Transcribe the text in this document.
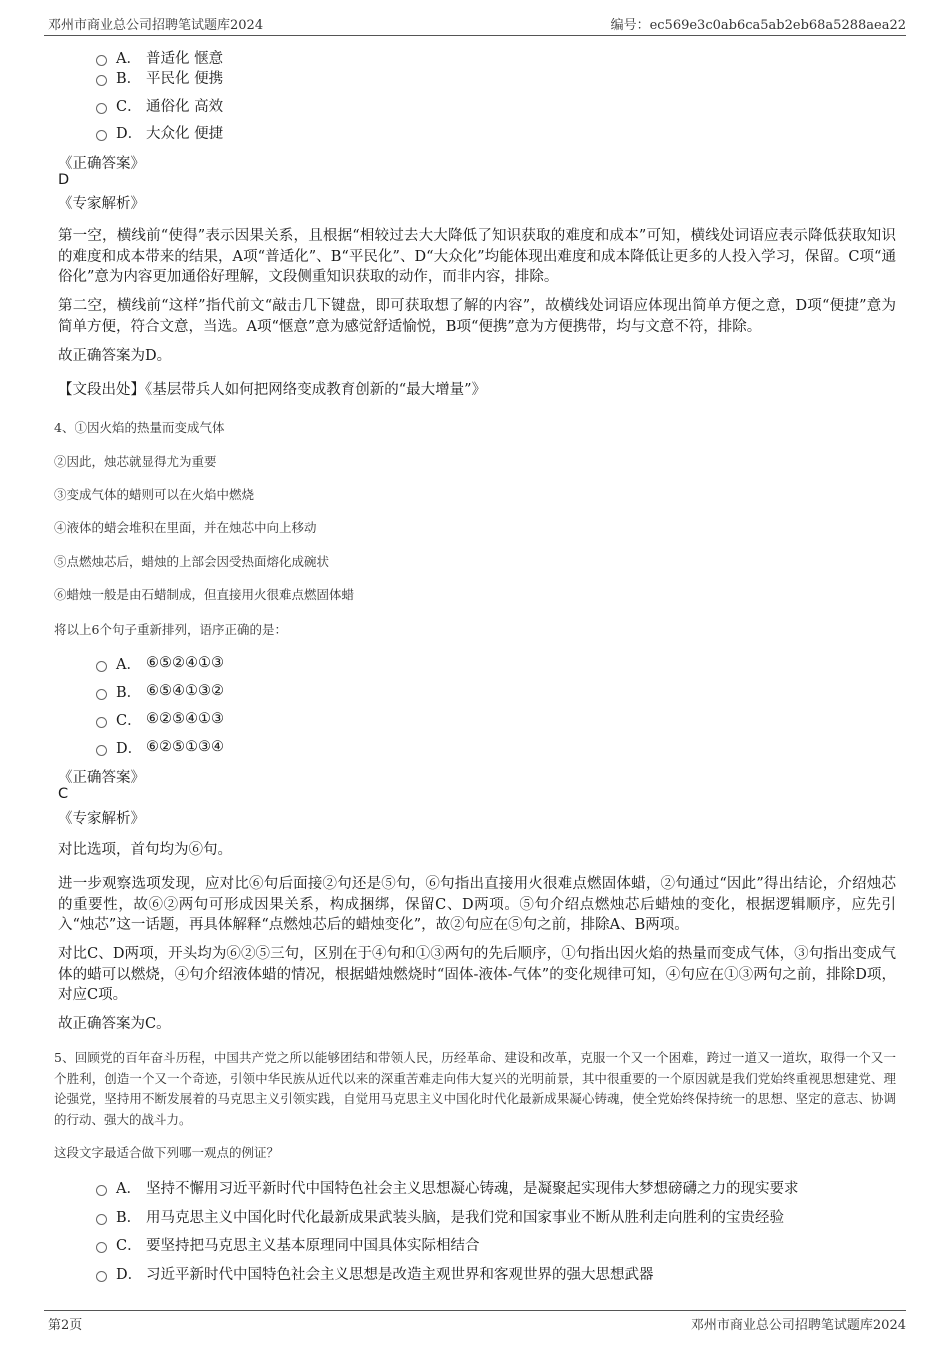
邓州市商业总公司招聘笔试题库2024	编号：ec569e3c0ab6ca5ab2eb68a5288aea22
A． 普适化 惬意
B． 平民化 便携
C． 通俗化 高效
D． 大众化 便捷
《正确答案》
D
《专家解析》
第一空，横线前“使得”表示因果关系，且根据“相较过去大大降低了知识获取的难度和成本”可知，横线处词语应表示降低获取知识的难度和成本带来的结果，A项“普适化”、B“平民化”、D“大众化”均能体现出难度和成本降低让更多的人投入学习，保留。C项“通俗化”意为内容更加通俗好理解，文段侧重知识获取的动作，而非内容，排除。
第二空，横线前“这样”指代前文“敲击几下键盘，即可获取想了解的内容”，故横线处词语应体现出简单方便之意，D项“便捷”意为简单方便，符合文意，当选。A项“惬意”意为感觉舒适愉悦，B项“便携”意为方便携带，均与文意不符，排除。
故正确答案为D。
【文段出处】《基层带兵人如何把网络变成教育创新的“最大增量”》
4、①因火焰的热量而变成气体
②因此，烛芯就显得尤为重要
③变成气体的蜡则可以在火焰中燃烧
④液体的蜡会堆积在里面，并在烛芯中向上移动
⑤点燃烛芯后，蜡烛的上部会因受热面熔化成碗状
⑥蜡烛一般是由石蜡制成，但直接用火很难点燃固体蜡
将以上6个句子重新排列，语序正确的是：
A． ⑥⑤②④①③
B． ⑥⑤④①③②
C． ⑥②⑤④①③
D． ⑥②⑤①③④
《正确答案》
C
《专家解析》
对比选项，首句均为⑥句。
进一步观察选项发现，应对比⑥句后面接②句还是⑤句，⑥句指出直接用火很难点燃固体蜡，②句通过“因此”得出结论，介绍烛芯的重要性，故⑥②两句可形成因果关系，构成捆绑，保留C、D两项。⑤句介绍点燃烛芯后蜡烛的变化，根据逻辑顺序，应先引入“烛芯”这一话题，再具体解释“点燃烛芯后的蜡烛变化”，故②句应在⑤句之前，排除A、B两项。
对比C、D两项，开头均为⑥②⑤三句，区别在于④句和①③两句的先后顺序，①句指出因火焰的热量而变成气体，③句指出变成气体的蜡可以燃烧，④句介绍液体蜡的情况，根据蜡烛燃烧时“固体-液体-气体”的变化规律可知，④句应在①③两句之前，排除D项，对应C项。
故正确答案为C。
5、回顾党的百年奋斗历程，中国共产党之所以能够团结和带领人民，历经革命、建设和改革，克服一个又一个困难，跨过一道又一道坎，取得一个又一个胜利，创造一个又一个奇迹，引领中华民族从近代以来的深重苦难走向伟大复兴的光明前景，其中很重要的一个原因就是我们党始终重视思想建党、理论强党，坚持用不断发展着的马克思主义引领实践，自觉用马克思主义中国化时代化最新成果凝心铸魂，使全党始终保持统一的思想、坚定的意志、协调的行动、强大的战斗力。
这段文字最适合做下列哪一观点的例证？
A． 坚持不懈用习近平新时代中国特色社会主义思想凝心铸魂，是凝聚起实现伟大梦想磅礴之力的现实要求
B． 用马克思主义中国化时代化最新成果武装头脑，是我们党和国家事业不断从胜利走向胜利的宝贵经验
C． 要坚持把马克思主义基本原理同中国具体实际相结合
D． 习近平新时代中国特色社会主义思想是改造主观世界和客观世界的强大思想武器
第2页	邓州市商业总公司招聘笔试题库2024
